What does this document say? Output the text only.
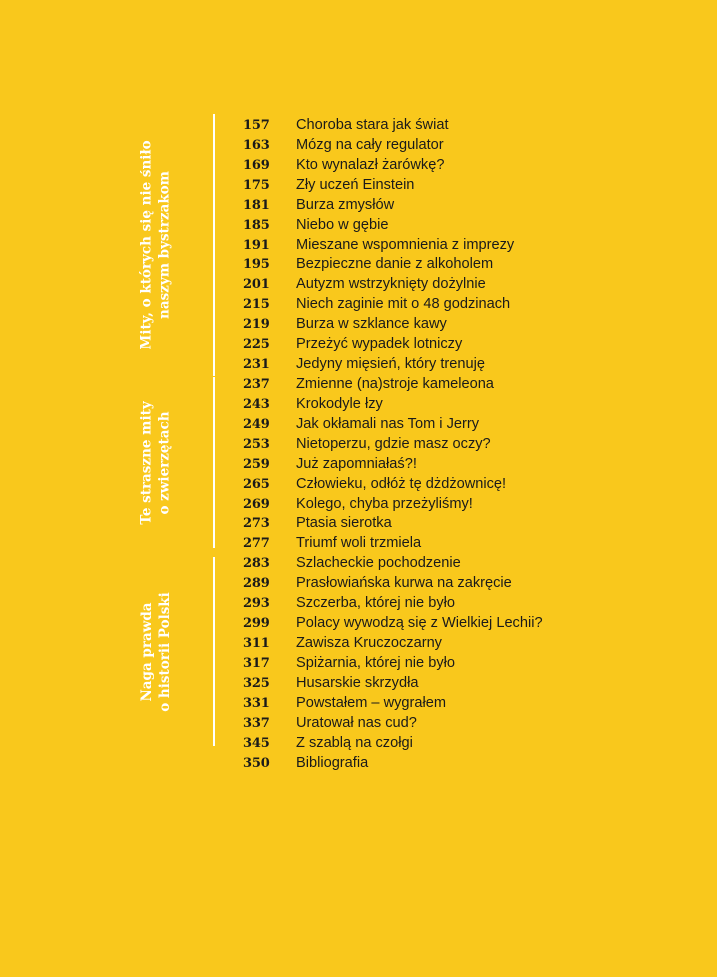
Mity, o których się nie śniło naszym bystrzakom
Te straszne mity o zwierzętach
Naga prawda o historii Polski
157	Choroba stara jak świat
163	Mózg na cały regulator
169	Kto wynalazł żarówkę?
175	Zły uczeń Einstein
181	Burza zmysłów
185	Niebo w gębie
191	Mieszane wspomnienia z imprezy
195	Bezpieczne danie z alkoholem
201	Autyzm wstrzyknięty dożylnie
215	Niech zaginie mit o 48 godzinach
219	Burza w szklance kawy
225	Przeżyć wypadek lotniczy
231	Jedyny mięsień, który trenuję
237	Zmienne (na)stroje kameleona
243	Krokodyle łzy
249	Jak okłamali nas Tom i Jerry
253	Nietoperzu, gdzie masz oczy?
259	Już zapomniałaś?!
265	Człowieku, odłóż tę dżdżownicę!
269	Kolego, chyba przeżyliśmy!
273	Ptasia sierotka
277	Triumf woli trzmiela
283	Szlacheckie pochodzenie
289	Prasłowiańska kurwa na zakręcie
293	Szczerba, której nie było
299	Polacy wywodzą się z Wielkiej Lechii?
311	Zawisza Kruczoczarny
317	Spiżarnia, której nie było
325	Husarskie skrzydła
331	Powstałem – wygrałem
337	Uratował nas cud?
345	Z szablą na czołgi
350	Bibliografia
